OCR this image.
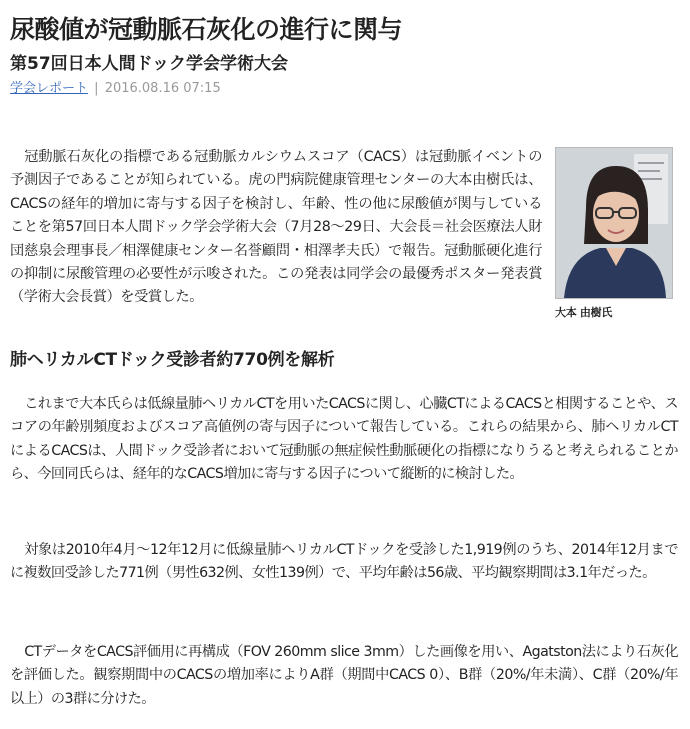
尿酸値が冠動脈石灰化の進行に関与
第57回日本人間ドック学会学術大会
学会レポート | 2016.08.16 07:15

冠動脈石灰化の指標である冠動脈カルシウムスコア（CACS）は冠動脈イベントの予測因子であることが知られている。虎の門病院健康管理センターの大本由樹氏は、CACSの経年的増加に寄与する因子を検討し、年齢、性の他に尿酸値が関与していることを第57回日本人間ドック学会学術大会（7月28〜29日、大会長＝社会医療法人財団慈泉会理事長／相澤健康センター名誉顧問・相澤孝夫氏）で報告。冠動脈硬化進行の抑制に尿酸管理の必要性が示唆された。この発表は同学会の最優秀ポスター発表賞（学術大会長賞）を受賞した。

大本 由樹氏
肺ヘリカルCTドック受診者約770例を解析

これまで大本氏らは低線量肺ヘリカルCTを用いたCACSに関し、心臓CTによるCACSと相関することや、スコアの年齢別頻度およびスコア高値例の寄与因子について報告している。これらの結果から、肺ヘリカルCTによるCACSは、人間ドック受診者において冠動脈の無症候性動脈硬化の指標になりうると考えられることから、今回同氏らは、経年的なCACS増加に寄与する因子について縦断的に検討した。

対象は2010年4月〜12年12月に低線量肺ヘリカルCTドックを受診した1,919例のうち、2014年12月までに複数回受診した771例（男性632例、女性139例）で、平均年齢は56歳、平均観察期間は3.1年だった。

CTデータをCACS評価用に再構成（FOV 260mm slice 3mm）した画像を用い、Agatston法により石灰化を評価した。観察期間中のCACSの増加率によりA群（期間中CACS 0）、B群（20%/年未満）、C群（20%/年以上）の3群に分けた。
